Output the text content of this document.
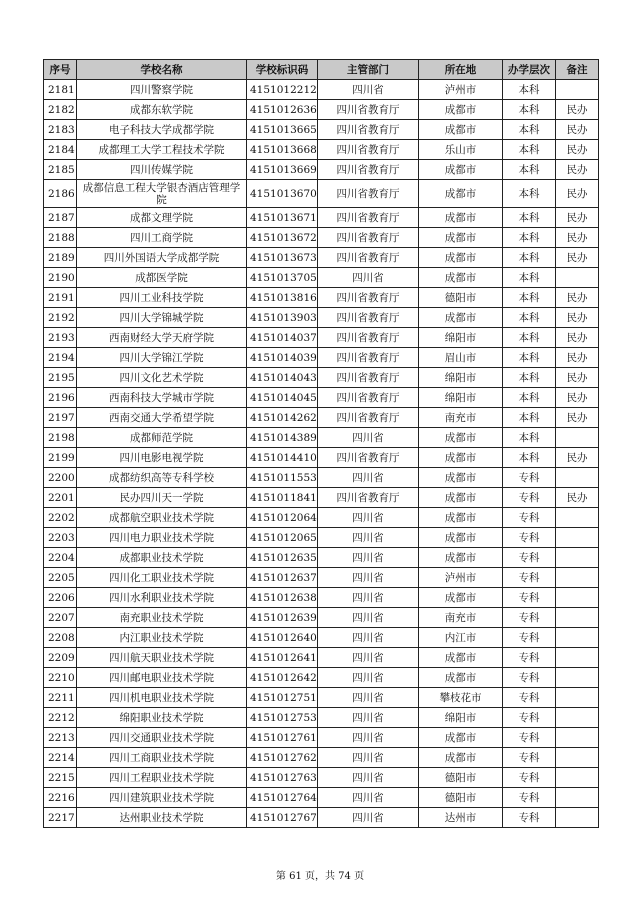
序号	学校名称	学校标识码	主管部门	所在地	办学层次	备注
2181	四川警察学院	4151012212	四川省	泸州市	本科	
2182	成都东软学院	4151012636	四川省教育厅	成都市	本科	民办
2183	电子科技大学成都学院	4151013665	四川省教育厅	成都市	本科	民办
2184	成都理工大学工程技术学院	4151013668	四川省教育厅	乐山市	本科	民办
2185	四川传媒学院	4151013669	四川省教育厅	成都市	本科	民办
2186	成都信息工程大学银杏酒店管理学院	4151013670	四川省教育厅	成都市	本科	民办
2187	成都文理学院	4151013671	四川省教育厅	成都市	本科	民办
2188	四川工商学院	4151013672	四川省教育厅	成都市	本科	民办
2189	四川外国语大学成都学院	4151013673	四川省教育厅	成都市	本科	民办
2190	成都医学院	4151013705	四川省	成都市	本科	
2191	四川工业科技学院	4151013816	四川省教育厅	德阳市	本科	民办
2192	四川大学锦城学院	4151013903	四川省教育厅	成都市	本科	民办
2193	西南财经大学天府学院	4151014037	四川省教育厅	绵阳市	本科	民办
2194	四川大学锦江学院	4151014039	四川省教育厅	眉山市	本科	民办
2195	四川文化艺术学院	4151014043	四川省教育厅	绵阳市	本科	民办
2196	西南科技大学城市学院	4151014045	四川省教育厅	绵阳市	本科	民办
2197	西南交通大学希望学院	4151014262	四川省教育厅	南充市	本科	民办
2198	成都师范学院	4151014389	四川省	成都市	本科	
2199	四川电影电视学院	4151014410	四川省教育厅	成都市	本科	民办
2200	成都纺织高等专科学校	4151011553	四川省	成都市	专科	
2201	民办四川天一学院	4151011841	四川省教育厅	成都市	专科	民办
2202	成都航空职业技术学院	4151012064	四川省	成都市	专科	
2203	四川电力职业技术学院	4151012065	四川省	成都市	专科	
2204	成都职业技术学院	4151012635	四川省	成都市	专科	
2205	四川化工职业技术学院	4151012637	四川省	泸州市	专科	
2206	四川水利职业技术学院	4151012638	四川省	成都市	专科	
2207	南充职业技术学院	4151012639	四川省	南充市	专科	
2208	内江职业技术学院	4151012640	四川省	内江市	专科	
2209	四川航天职业技术学院	4151012641	四川省	成都市	专科	
2210	四川邮电职业技术学院	4151012642	四川省	成都市	专科	
2211	四川机电职业技术学院	4151012751	四川省	攀枝花市	专科	
2212	绵阳职业技术学院	4151012753	四川省	绵阳市	专科	
2213	四川交通职业技术学院	4151012761	四川省	成都市	专科	
2214	四川工商职业技术学院	4151012762	四川省	成都市	专科	
2215	四川工程职业技术学院	4151012763	四川省	德阳市	专科	
2216	四川建筑职业技术学院	4151012764	四川省	德阳市	专科	
2217	达州职业技术学院	4151012767	四川省	达州市	专科	
第 61 页，共 74 页
